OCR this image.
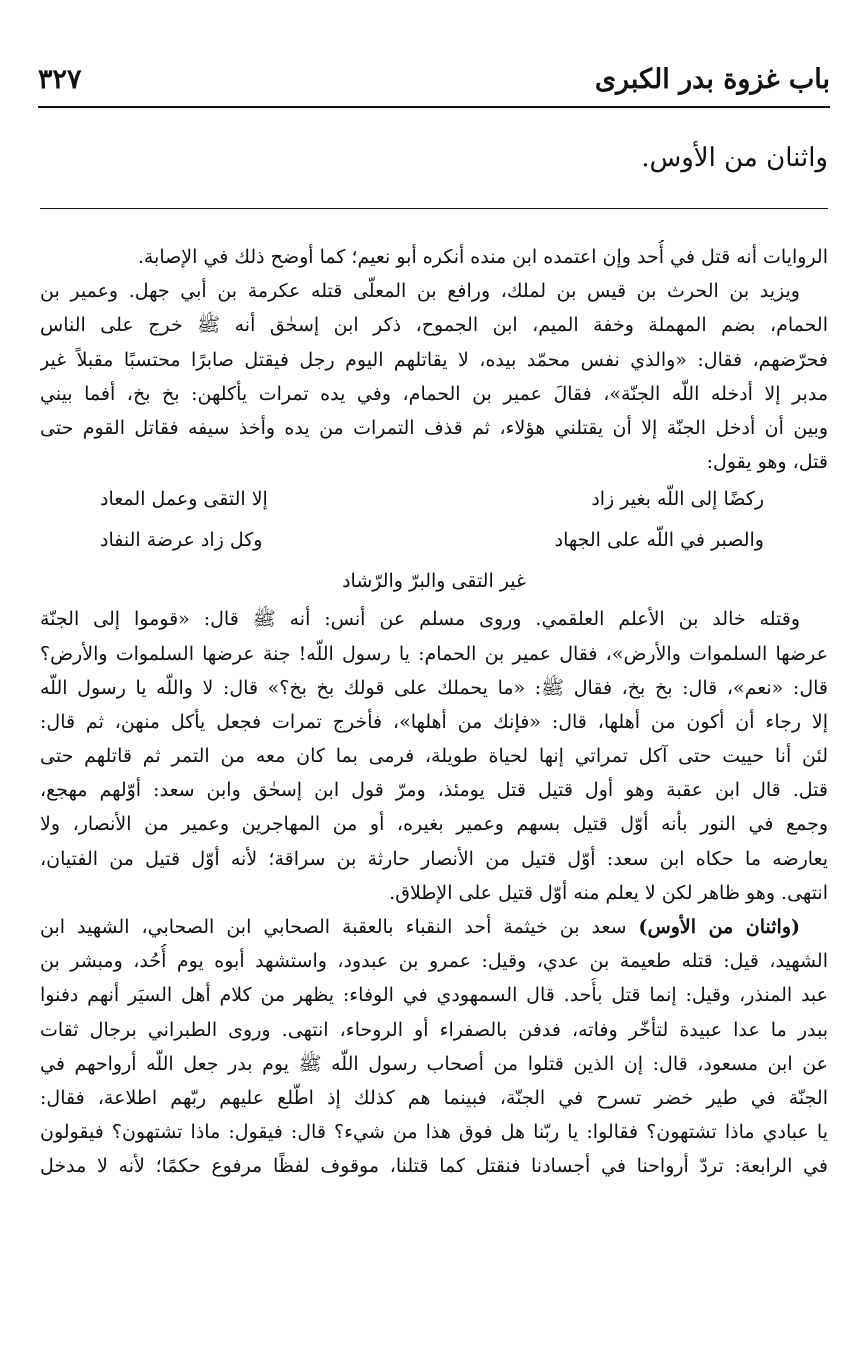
باب غزوة بدر الكبرى
٣٢٧
واثنان من الأوس.
الروايات أنه قتل في أُحد وإن اعتمده ابن منده أنكره أبو نعيم؛ كما أوضح ذلك في الإصابة.
ويزيد بن الحرث بن قيس بن لملك، ورافع بن المعلّى قتله عكرمة بن أبي جهل. وعمير بن
الحمام، بضم المهملة وخفة الميم، ابن الجموح، ذكر ابن إسحٰق أنه ﷺ خرج على الناس
فحرّضهم، فقال: «والذي نفس محمّد بيده، لا يقاتلهم اليوم رجل فيقتل صابرًا محتسبًا مقبلاً غير
مدبر إلا أدخله اللّه الجنّة»، فقالَ عمير بن الحمام، وفي يده تمرات يأكلهن: بخ بخ، أفما بيني
وبين أن أدخل الجنّة إلا أن يقتلني هؤلاء، ثم قذف التمرات من يده وأخذ سيفه فقاتل القوم حتى
قتل، وهو يقول:
ركضًا إلى اللّه بغير زاد
إلا التقى وعمل المعاد
والصبر في اللّه على الجهاد
وكل زاد عرضة النفاد
غير التقى والبرّ والرّشاد
وقتله خالد بن الأعلم العلقمي. وروى مسلم عن أنس: أنه ﷺ قال: «قوموا إلى الجنّة
عرضها السلموات والأرض»، فقال عمير بن الحمام: يا رسول اللّه! جنة عرضها السلموات والأرض؟
قال: «نعم»، قال: بخ بخ، فقال ﷺ: «ما يحملك على قولك بخ بخ؟» قال: لا واللّه يا رسول اللّه
إلا رجاء أن أكون من أهلها، قال: «فإنك من أهلها»، فأخرج تمرات فجعل يأكل منهن، ثم قال:
لئن أنا حييت حتى آكل تمراتي إنها لحياة طويلة، فرمى بما كان معه من التمر ثم قاتلهم حتى
قتل. قال ابن عقبة وهو أول قتيل قتل يومئذ، ومرّ قول ابن إسحٰق وابن سعد: أوّلهم مهجع،
وجمع في النور بأنه أوّل قتيل بسهم وعمير بغيره، أو من المهاجرين وعمير من الأنصار، ولا
يعارضه ما حكاه ابن سعد: أوّل قتيل من الأنصار حارثة بن سراقة؛ لأنه أوّل قتيل من الفتيان،
انتهى. وهو ظاهر لكن لا يعلم منه أوّل قتيل على الإطلاق.
(واثنان من الأوس) سعد بن خيثمة أحد النقباء بالعقبة الصحابي ابن الصحابي، الشهيد ابن
الشهيد، قيل: قتله طعيمة بن عدي، وقيل: عمرو بن عبدود، واستشهد أبوه يوم أُحُد، ومبشر بن
عبد المنذر، وقيل: إنما قتل بأُحد. قال السمهودي في الوفاء: يظهر من كلام أهل السيَر أنهم دفنوا
ببدر ما عدا عبيدة لتأخّر وفاته، فدفن بالصفراء أو الروحاء، انتهى. وروى الطبراني برجال ثقات
عن ابن مسعود، قال: إن الذين قتلوا من أصحاب رسول اللّه ﷺ يوم بدر جعل اللّه أرواحهم في
الجنّة في طير خضر تسرح في الجنّة، فبينما هم كذلك إذ اطّلع عليهم ربّهم اطلاعة، فقال:
يا عبادي ماذا تشتهون؟ فقالوا: يا ربّنا هل فوق هذا من شيء؟ قال: فيقول: ماذا تشتهون؟ فيقولون
في الرابعة: تردّ أرواحنا في أجسادنا فنقتل كما قتلنا، موقوف لفظًا مرفوع حكمًا؛ لأنه لا مدخل
